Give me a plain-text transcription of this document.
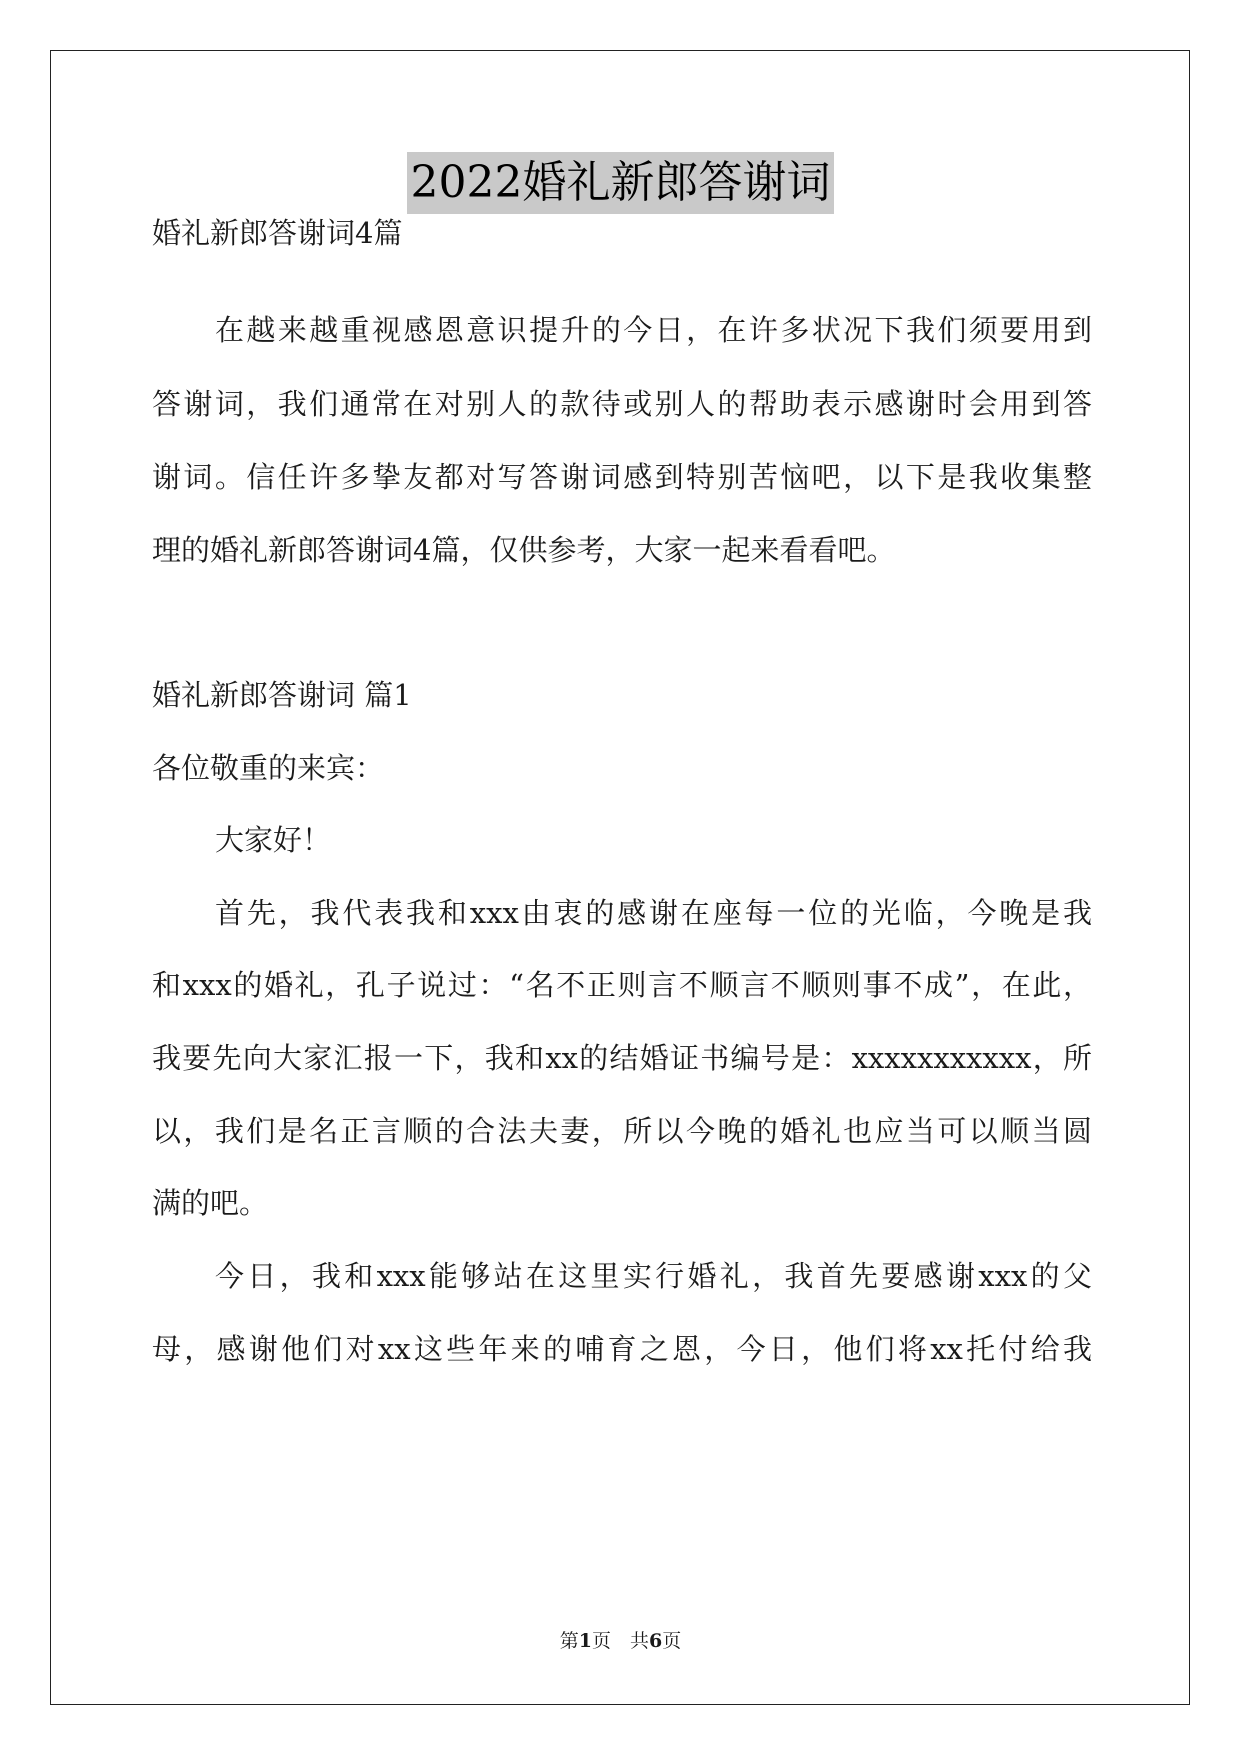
2022婚礼新郎答谢词
婚礼新郎答谢词4篇
在越来越重视感恩意识提升的今日，在许多状况下我们须要用到
答谢词，我们通常在对别人的款待或别人的帮助表示感谢时会用到答
谢词。信任许多挚友都对写答谢词感到特别苦恼吧，以下是我收集整
理的婚礼新郎答谢词4篇，仅供参考，大家一起来看看吧。
婚礼新郎答谢词 篇1
各位敬重的来宾：
大家好！
首先，我代表我和xxx由衷的感谢在座每一位的光临，今晚是我
和xxx的婚礼，孔子说过：“名不正则言不顺言不顺则事不成”，在此，
我要先向大家汇报一下，我和xx的结婚证书编号是：xxxxxxxxxxx，所
以，我们是名正言顺的合法夫妻，所以今晚的婚礼也应当可以顺当圆
满的吧。
今日，我和xxx能够站在这里实行婚礼，我首先要感谢xxx的父
母，感谢他们对xx这些年来的哺育之恩，今日，他们将xx托付给我
第1页　共6页
